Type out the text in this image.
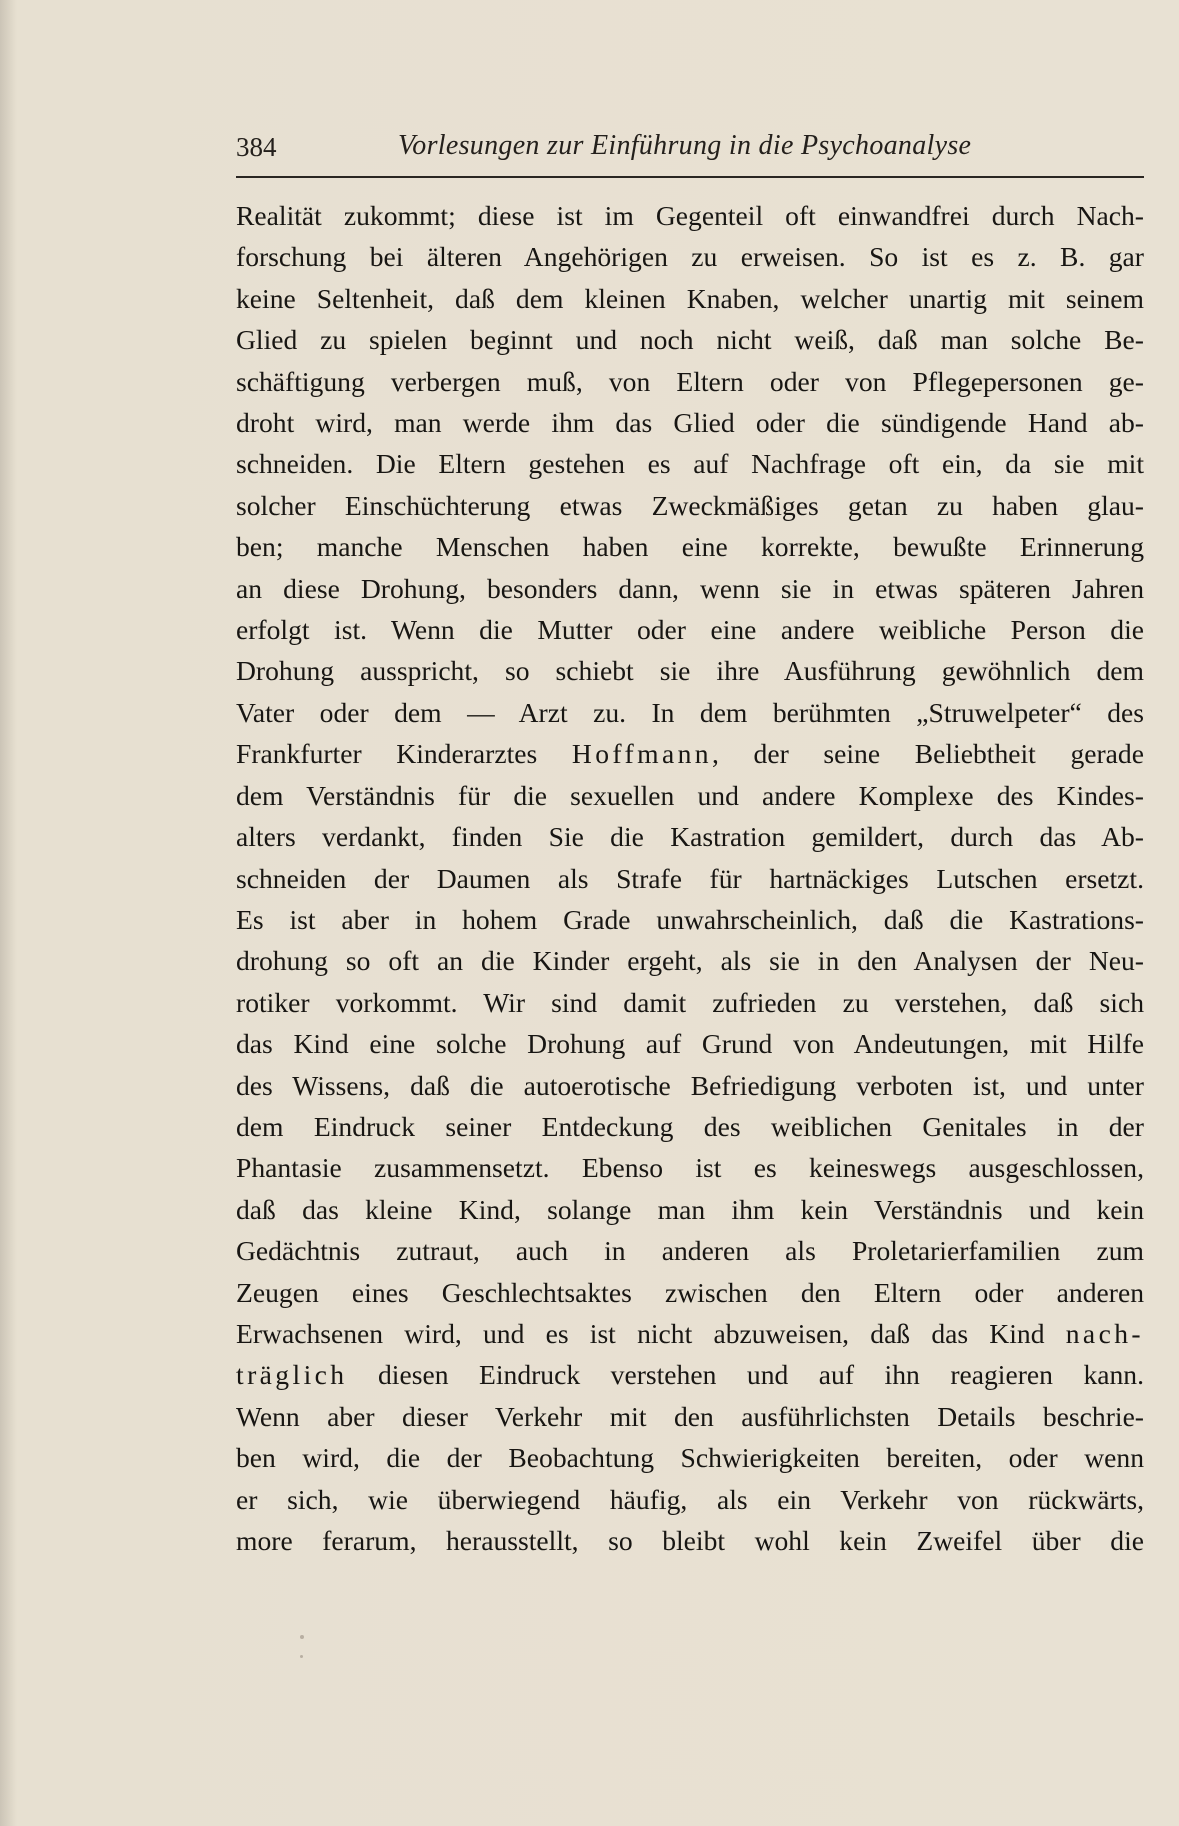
384	Vorlesungen zur Einführung in die Psychoanalyse
Realität zukommt; diese ist im Gegenteil oft einwandfrei durch Nach-
forschung bei älteren Angehörigen zu erweisen. So ist es z. B. gar
keine Seltenheit, daß dem kleinen Knaben, welcher unartig mit seinem
Glied zu spielen beginnt und noch nicht weiß, daß man solche Be-
schäftigung verbergen muß, von Eltern oder von Pflegepersonen ge-
droht wird, man werde ihm das Glied oder die sündigende Hand ab-
schneiden. Die Eltern gestehen es auf Nachfrage oft ein, da sie mit
solcher Einschüchterung etwas Zweckmäßiges getan zu haben glau-
ben; manche Menschen haben eine korrekte, bewußte Erinnerung
an diese Drohung, besonders dann, wenn sie in etwas späteren Jahren
erfolgt ist. Wenn die Mutter oder eine andere weibliche Person die
Drohung ausspricht, so schiebt sie ihre Ausführung gewöhnlich dem
Vater oder dem — Arzt zu. In dem berühmten „Struwelpeter“ des
Frankfurter Kinderarztes Hoffmann, der seine Beliebtheit gerade
dem Verständnis für die sexuellen und andere Komplexe des Kindes-
alters verdankt, finden Sie die Kastration gemildert, durch das Ab-
schneiden der Daumen als Strafe für hartnäckiges Lutschen ersetzt.
Es ist aber in hohem Grade unwahrscheinlich, daß die Kastrations-
drohung so oft an die Kinder ergeht, als sie in den Analysen der Neu-
rotiker vorkommt. Wir sind damit zufrieden zu verstehen, daß sich
das Kind eine solche Drohung auf Grund von Andeutungen, mit Hilfe
des Wissens, daß die autoerotische Befriedigung verboten ist, und unter
dem Eindruck seiner Entdeckung des weiblichen Genitales in der
Phantasie zusammensetzt. Ebenso ist es keineswegs ausgeschlossen,
daß das kleine Kind, solange man ihm kein Verständnis und kein
Gedächtnis zutraut, auch in anderen als Proletarierfamilien zum
Zeugen eines Geschlechtsaktes zwischen den Eltern oder anderen
Erwachsenen wird, und es ist nicht abzuweisen, daß das Kind nach-
träglich diesen Eindruck verstehen und auf ihn reagieren kann.
Wenn aber dieser Verkehr mit den ausführlichsten Details beschrie-
ben wird, die der Beobachtung Schwierigkeiten bereiten, oder wenn
er sich, wie überwiegend häufig, als ein Verkehr von rückwärts,
more ferarum, herausstellt, so bleibt wohl kein Zweifel über die
